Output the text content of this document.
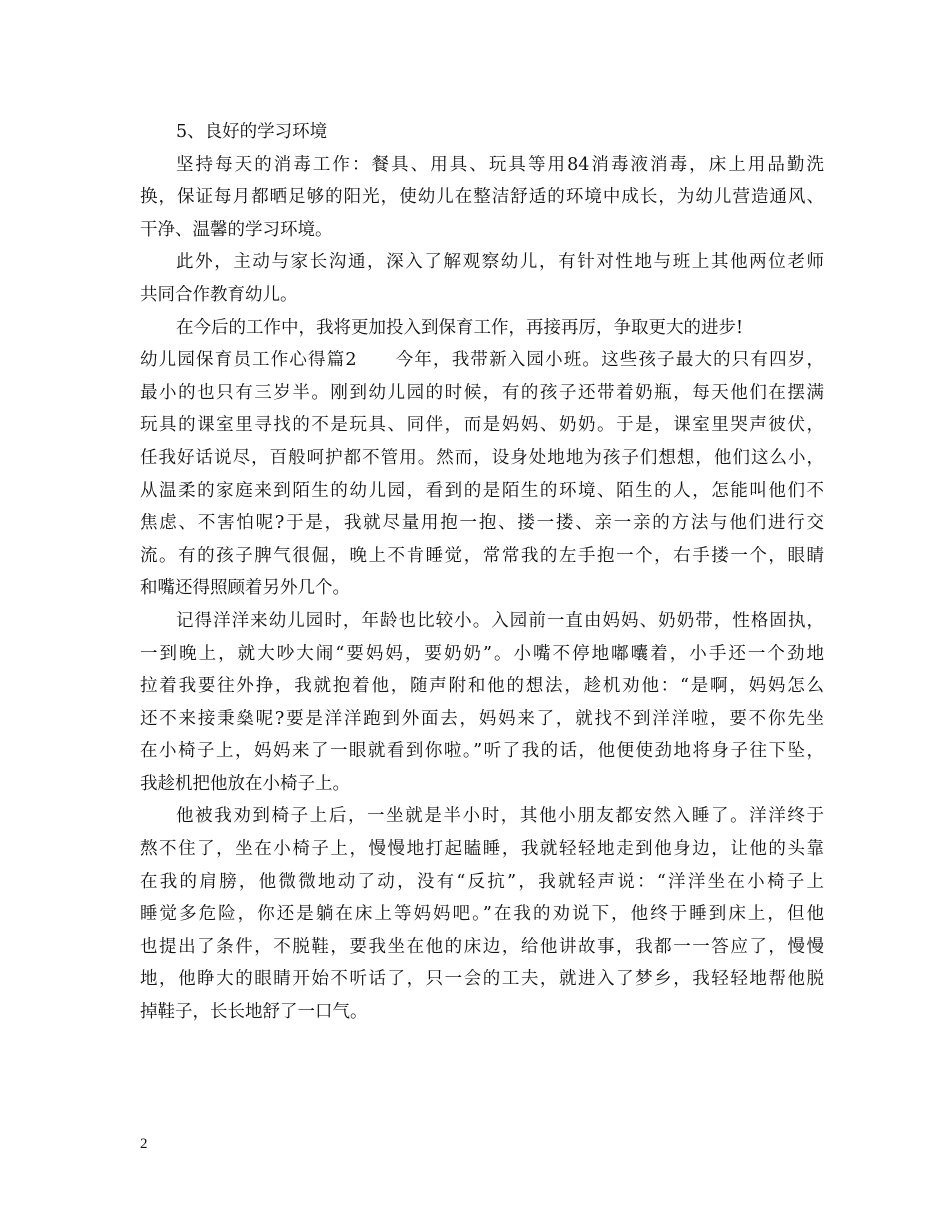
5、良好的学习环境
坚持每天的消毒工作：餐具、用具、玩具等用84消毒液消毒，床上用品勤洗
换，保证每月都晒足够的阳光，使幼儿在整洁舒适的环境中成长，为幼儿营造通风、
干净、温馨的学习环境。
此外，主动与家长沟通，深入了解观察幼儿，有针对性地与班上其他两位老师
共同合作教育幼儿。
在今后的工作中，我将更加投入到保育工作，再接再厉，争取更大的进步!
幼儿园保育员工作心得篇2 今年，我带新入园小班。这些孩子最大的只有四岁，
最小的也只有三岁半。刚到幼儿园的时候，有的孩子还带着奶瓶，每天他们在摆满
玩具的课室里寻找的不是玩具、同伴，而是妈妈、奶奶。于是，课室里哭声彼伏，
任我好话说尽，百般呵护都不管用。然而，设身处地地为孩子们想想，他们这么小，
从温柔的家庭来到陌生的幼儿园，看到的是陌生的环境、陌生的人，怎能叫他们不
焦虑、不害怕呢?于是，我就尽量用抱一抱、搂一搂、亲一亲的方法与他们进行交
流。有的孩子脾气很倔，晚上不肯睡觉，常常我的左手抱一个，右手搂一个，眼睛
和嘴还得照顾着另外几个。
记得洋洋来幼儿园时，年龄也比较小。入园前一直由妈妈、奶奶带，性格固执，
一到晚上，就大吵大闹“要妈妈，要奶奶”。小嘴不停地嘟囔着，小手还一个劲地
拉着我要往外挣，我就抱着他，随声附和他的想法，趁机劝他：“是啊，妈妈怎么
还不来接秉燊呢?要是洋洋跑到外面去，妈妈来了，就找不到洋洋啦，要不你先坐
在小椅子上，妈妈来了一眼就看到你啦。”听了我的话，他便使劲地将身子往下坠，
我趁机把他放在小椅子上。
他被我劝到椅子上后，一坐就是半小时，其他小朋友都安然入睡了。洋洋终于
熬不住了，坐在小椅子上，慢慢地打起瞌睡，我就轻轻地走到他身边，让他的头靠
在我的肩膀，他微微地动了动，没有“反抗”，我就轻声说：“洋洋坐在小椅子上
睡觉多危险，你还是躺在床上等妈妈吧。”在我的劝说下，他终于睡到床上，但他
也提出了条件，不脱鞋，要我坐在他的床边，给他讲故事，我都一一答应了，慢慢
地，他睁大的眼睛开始不听话了，只一会的工夫，就进入了梦乡，我轻轻地帮他脱
掉鞋子，长长地舒了一口气。
2
